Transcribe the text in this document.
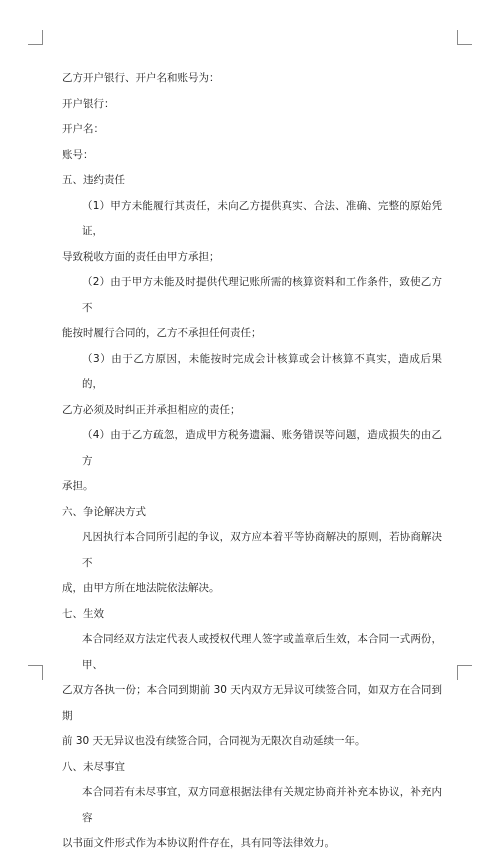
乙方开户银行、开户名和账号为：

开户银行：

开户名：

账号：

五、违约责任

（1）甲方未能履行其责任，未向乙方提供真实、合法、准确、完整的原始凭证，

导致税收方面的责任由甲方承担；

（2）由于甲方未能及时提供代理记账所需的核算资料和工作条件，致使乙方不

能按时履行合同的，乙方不承担任何责任；

（3）由于乙方原因，未能按时完成会计核算或会计核算不真实，造成后果的，

乙方必须及时纠正并承担相应的责任；

（4）由于乙方疏忽，造成甲方税务遗漏、账务错误等问题，造成损失的由乙方

承担。

六、争论解决方式

凡因执行本合同所引起的争议，双方应本着平等协商解决的原则，若协商解决不

成，由甲方所在地法院依法解决。

七、生效

本合同经双方法定代表人或授权代理人签字或盖章后生效，本合同一式两份，甲、

乙双方各执一份；本合同到期前 30 天内双方无异议可续签合同，如双方在合同到期

前 30 天无异议也没有续签合同，合同视为无限次自动延续一年。

八、未尽事宜

本合同若有未尽事宜，双方同意根据法律有关规定协商并补充本协议，补充内容

以书面文件形式作为本协议附件存在，具有同等法律效力。
